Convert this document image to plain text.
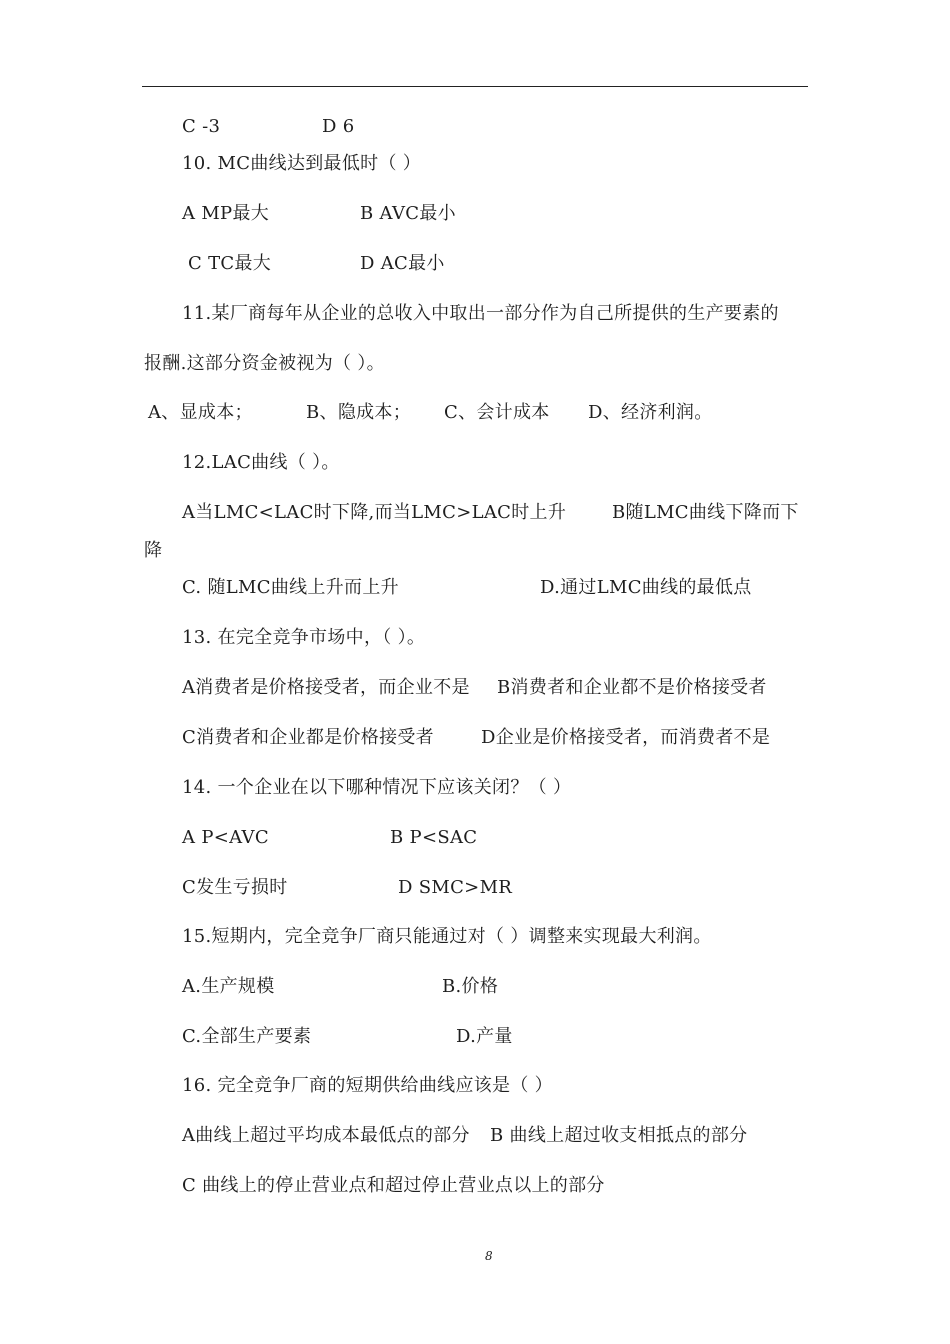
C -3	D 6
10. MC曲线达到最低时（ ）
A MP最大	B AVC最小
C TC最大	D AC最小
11.某厂商每年从企业的总收入中取出一部分作为自己所提供的生产要素的
报酬.这部分资金被视为（ ）。
A、显成本；	B、隐成本； C、会计成本 D、经济利润。
12.LAC曲线（ ）。
A当LMC<LAC时下降,而当LMC>LAC时上升	B随LMC曲线下降而下
降
C. 随LMC曲线上升而上升	D.通过LMC曲线的最低点
13. 在完全竞争市场中，（ ）。
A消费者是价格接受者，而企业不是 B消费者和企业都不是价格接受者
C消费者和企业都是价格接受者	D企业是价格接受者，而消费者不是
14. 一个企业在以下哪种情况下应该关闭？（ ）
A P<AVC	B P<SAC
C发生亏损时	D SMC>MR
15.短期内，完全竞争厂商只能通过对（ ）调整来实现最大利润。
A.生产规模	B.价格
C.全部生产要素	D.产量
16. 完全竞争厂商的短期供给曲线应该是（ ）
A曲线上超过平均成本最低点的部分 B 曲线上超过收支相抵点的部分
C 曲线上的停止营业点和超过停止营业点以上的部分
8
